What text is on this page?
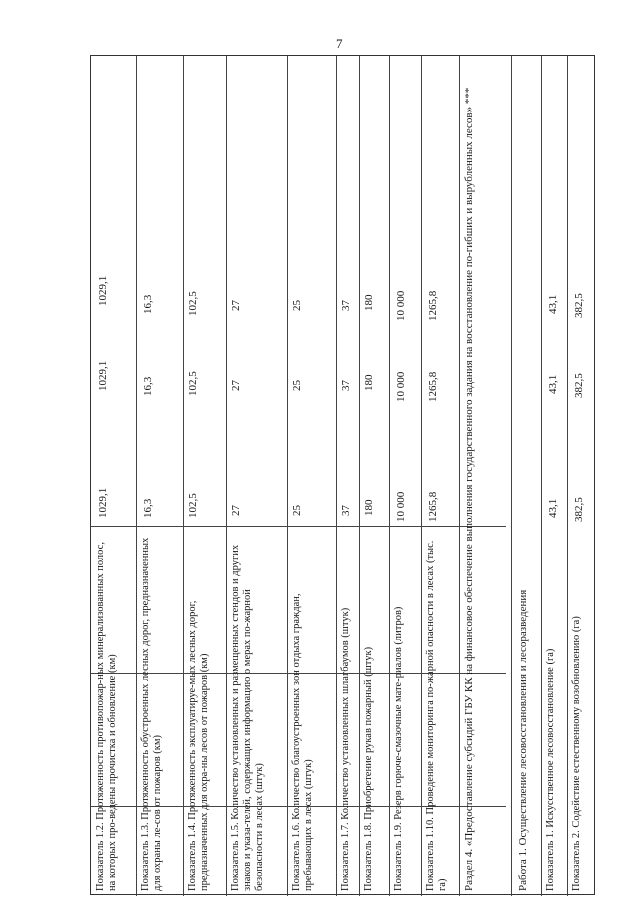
7
Показатель 1.2. Протяженность противопожар-ных минерализованных полос, на которых про-ведены прочистка и обновление (км) Показатель 1.3. Протяженность обустроенных лесных дорог, предназначенных для охраны ле-сов от пожаров (км) Показатель 1.4. Протяженность эксплуатируе-мых лесных дорог, предназначенных для охра-ны лесов от пожаров (км) Показатель 1.5. Количество установленных и размещенных стендов и других знаков и указа-телей, содержащих информацию о мерах по-жарной безопасности в лесах (штук) Показатель 1.6. Количество благоустроенных зон отдыха граждан, пребывающих в лесах (штук) Показатель 1.7. Количество установленных шлагбаумов (штук) Показатель 1.8. Приобретение рукав пожарный (штук) Показатель 1.9. Резерв горюче-смазочные мате-риалов (литров) Показатель 1.10. Проведение мониторинга по-жарной опасности в лесах (тыс. га)
1029,1
1029,1
1029,1
16,3
16,3
16,3
102,5
102,5
102,5
27
27
27
25
25
25
37
37
37
180
180
180
10 000
10 000
10 000
1265,8
1265,8
1265,8 Раздел 4. «Предоставление субсидий ГБУ КК на финансовое обеспечение выполнения государственного задания на восстановление по-гибших и вырубленных лесов» ***	Работа 1. Осуществление лесовосстановления и лесоразведения Показатель 1. Искусственное лесовосстановление (га)
43,1
43,1
43,1
Показатель 2. Содействие естественному возобновлению (га)
382,5
382,5
382,5
